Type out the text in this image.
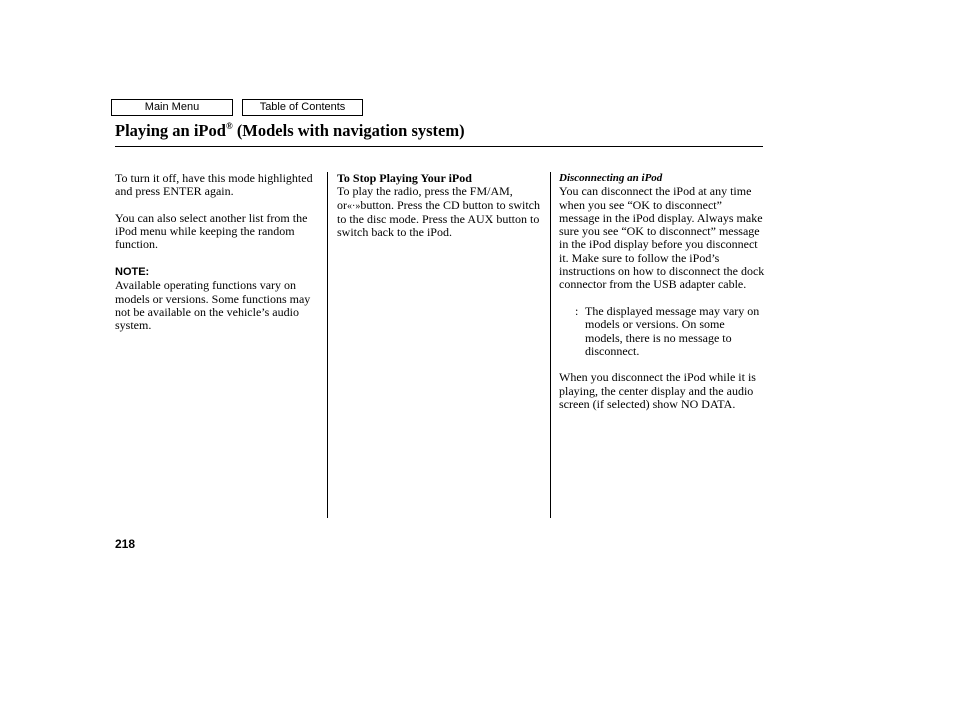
Main Menu	Table of Contents
Playing an iPod® (Models with navigation system)

To turn it off, have this mode highlighted and press ENTER again.

You can also select another list from the iPod menu while keeping the random function.

NOTE:

Available operating functions vary on models or versions. Some functions may not be available on the vehicle’s audio system.

To Stop Playing Your iPod

To play the radio, press the FM/AM,
or«·»button. Press the CD button to switch to the disc mode. Press the AUX button to switch back to the iPod.

Disconnecting an iPod

You can disconnect the iPod at any time when you see “OK to disconnect” message in the iPod display. Always make sure you see “OK to disconnect” message in the iPod display before you disconnect it. Make sure to follow the iPod’s instructions on how to disconnect the dock connector from the USB adapter cable.

: The displayed message may vary on models or versions. On some models, there is no message to disconnect.

When you disconnect the iPod while it is playing, the center display and the audio screen (if selected) show NO DATA.

218
